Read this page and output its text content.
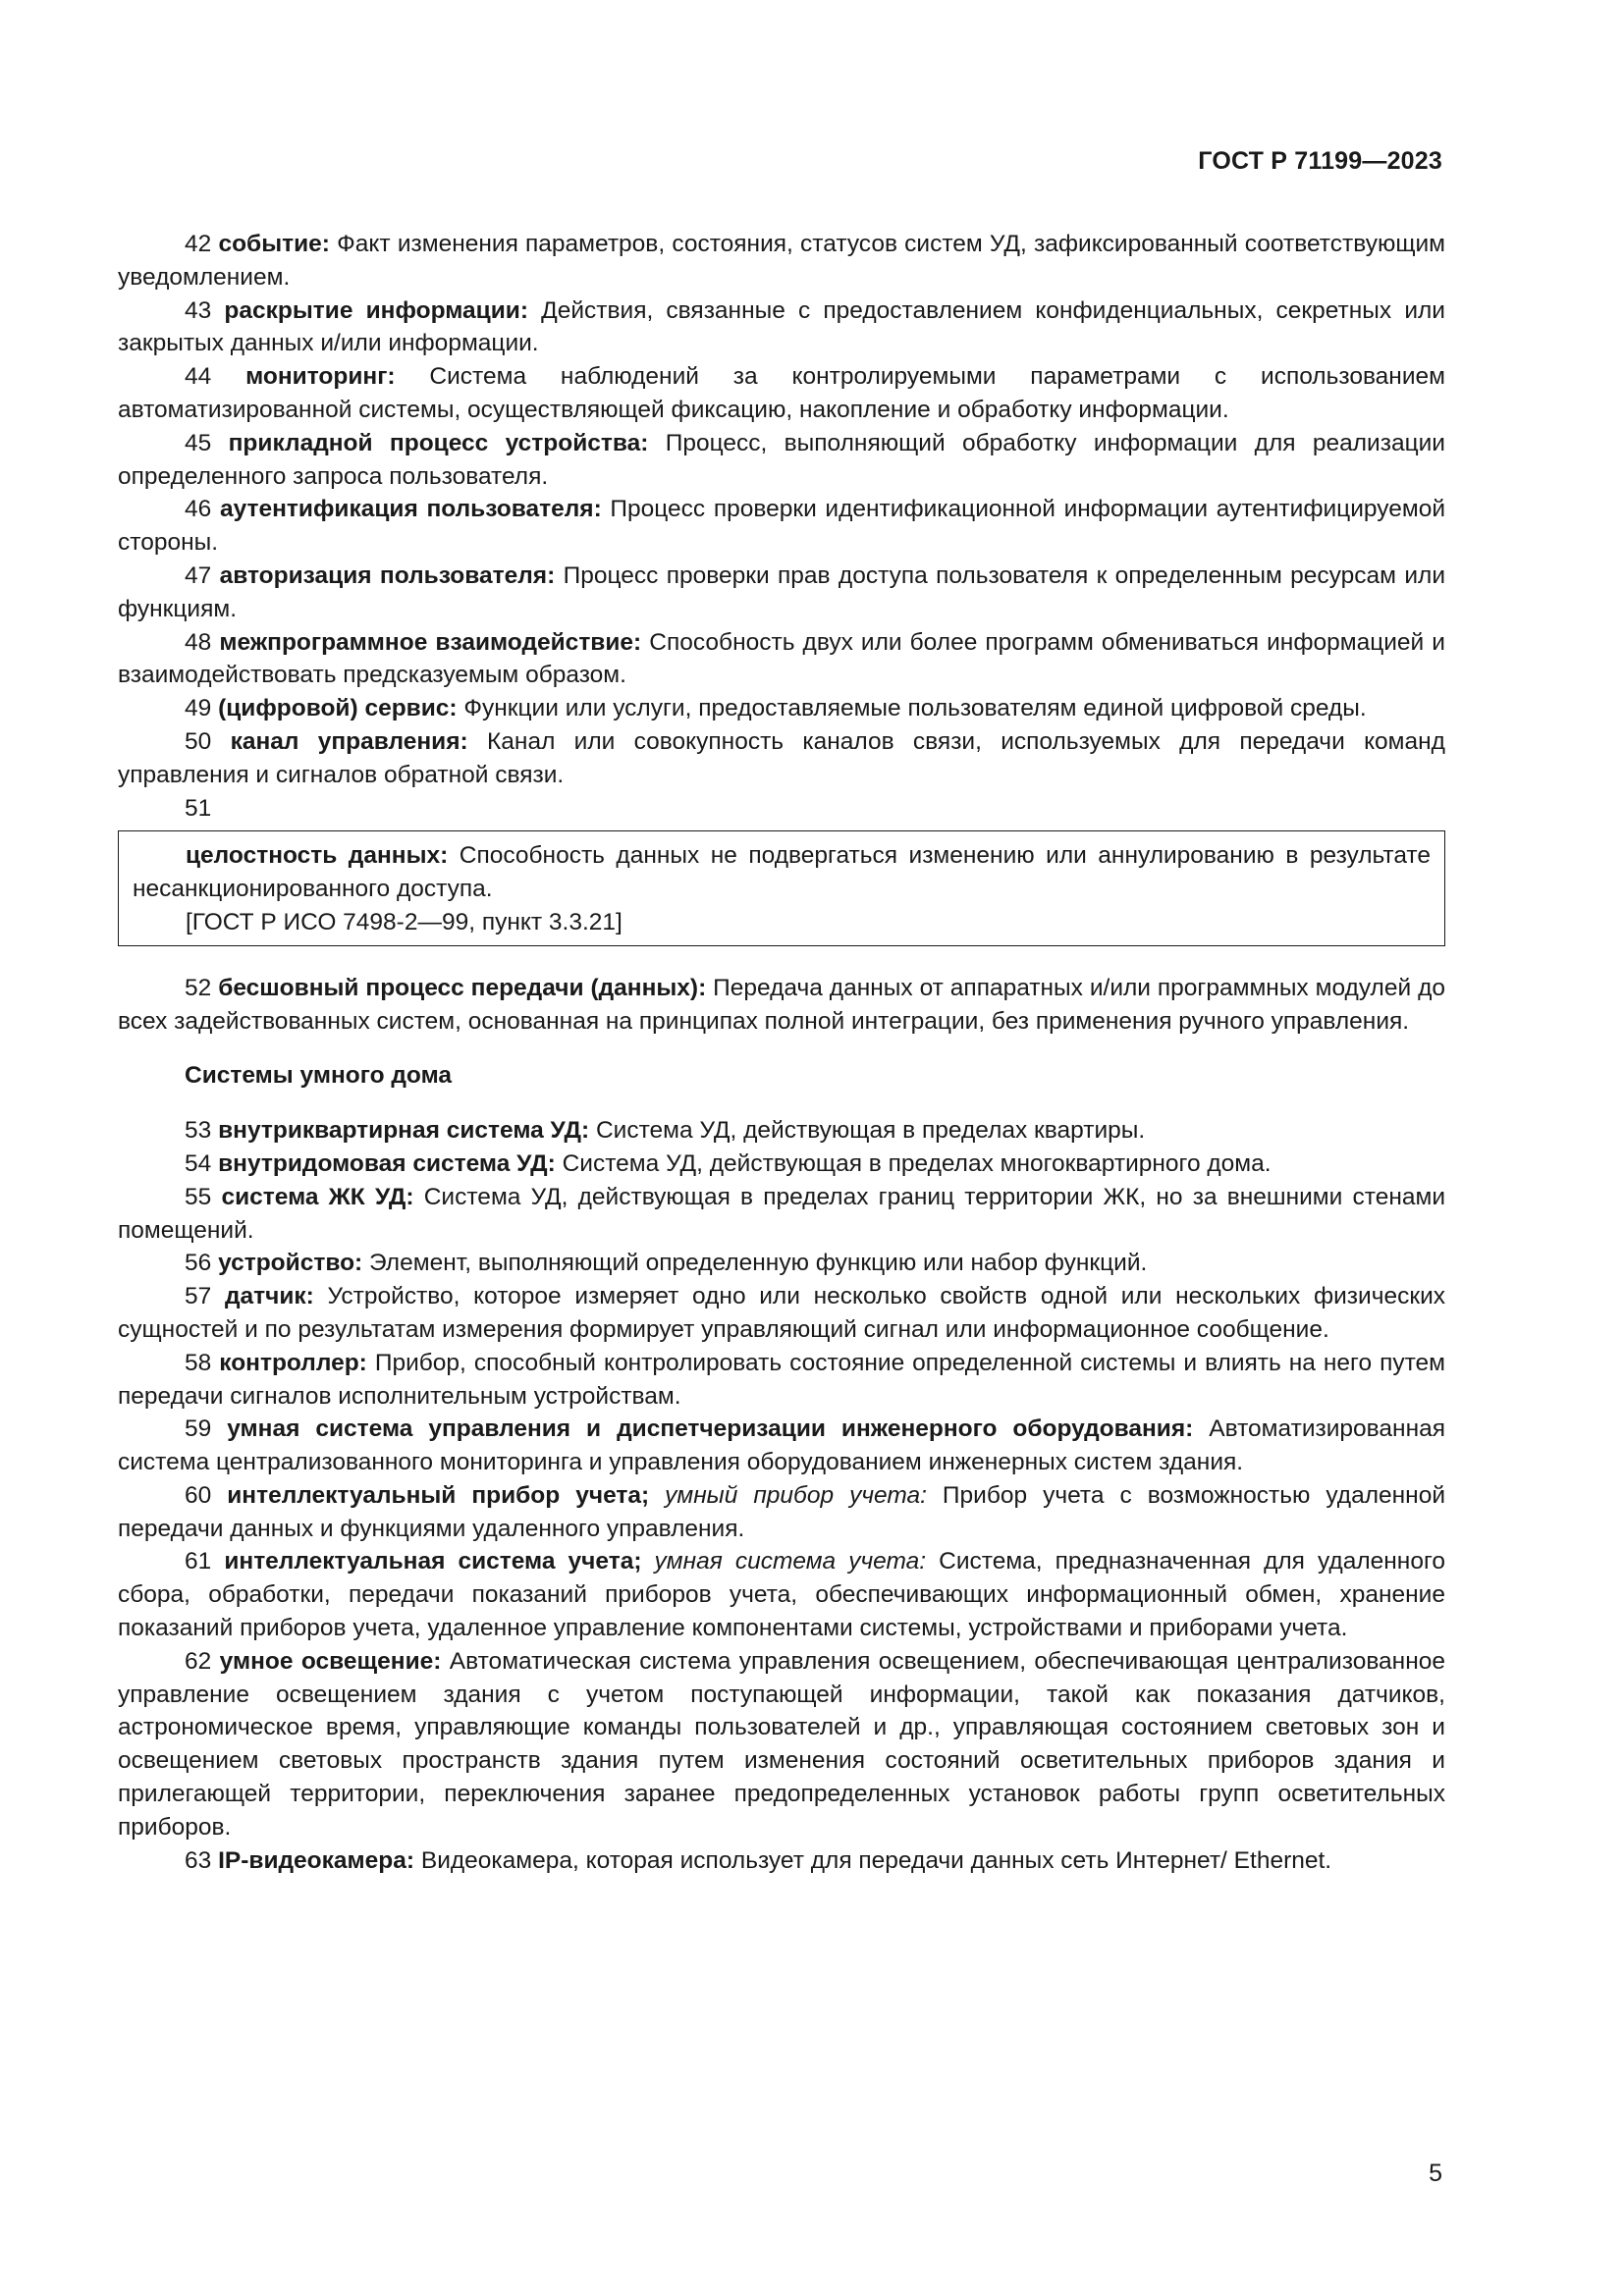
ГОСТ Р 71199—2023

42 событие: Факт изменения параметров, состояния, статусов систем УД, зафиксированный соответствующим уведомлением.

43 раскрытие информации: Действия, связанные с предоставлением конфиденциальных, секретных или закрытых данных и/или информации.

44 мониторинг: Система наблюдений за контролируемыми параметрами с использованием автоматизированной системы, осуществляющей фиксацию, накопление и обработку информации.

45 прикладной процесс устройства: Процесс, выполняющий обработку информации для реализации определенного запроса пользователя.

46 аутентификация пользователя: Процесс проверки идентификационной информации аутентифицируемой стороны.

47 авторизация пользователя: Процесс проверки прав доступа пользователя к определенным ресурсам или функциям.

48 межпрограммное взаимодействие: Способность двух или более программ обмениваться информацией и взаимодействовать предсказуемым образом.

49 (цифровой) сервис: Функции или услуги, предоставляемые пользователям единой цифровой среды.

50 канал управления: Канал или совокупность каналов связи, используемых для передачи команд управления и сигналов обратной связи.

51

целостность данных: Способность данных не подвергаться изменению или аннулированию в результате несанкционированного доступа.

[ГОСТ Р ИСО 7498-2—99, пункт 3.3.21]

52 бесшовный процесс передачи (данных): Передача данных от аппаратных и/или программных модулей до всех задействованных систем, основанная на принципах полной интеграции, без применения ручного управления.

Системы умного дома

53 внутриквартирная система УД: Система УД, действующая в пределах квартиры.

54 внутридомовая система УД: Система УД, действующая в пределах многоквартирного дома.

55 система ЖК УД: Система УД, действующая в пределах границ территории ЖК, но за внешними стенами помещений.

56 устройство: Элемент, выполняющий определенную функцию или набор функций.

57 датчик: Устройство, которое измеряет одно или несколько свойств одной или нескольких физических сущностей и по результатам измерения формирует управляющий сигнал или информационное сообщение.

58 контроллер: Прибор, способный контролировать состояние определенной системы и влиять на него путем передачи сигналов исполнительным устройствам.

59 умная система управления и диспетчеризации инженерного оборудования: Автоматизированная система централизованного мониторинга и управления оборудованием инженерных систем здания.

60 интеллектуальный прибор учета; умный прибор учета: Прибор учета с возможностью удаленной передачи данных и функциями удаленного управления.

61 интеллектуальная система учета; умная система учета: Система, предназначенная для удаленного сбора, обработки, передачи показаний приборов учета, обеспечивающих информационный обмен, хранение показаний приборов учета, удаленное управление компонентами системы, устройствами и приборами учета.

62 умное освещение: Автоматическая система управления освещением, обеспечивающая централизованное управление освещением здания с учетом поступающей информации, такой как показания датчиков, астрономическое время, управляющие команды пользователей и др., управляющая состоянием световых зон и освещением световых пространств здания путем изменения состояний осветительных приборов здания и прилегающей территории, переключения заранее предопределенных установок работы групп осветительных приборов.

63 IP-видеокамера: Видеокамера, которая использует для передачи данных сеть Интернет/ Ethernet.

5
